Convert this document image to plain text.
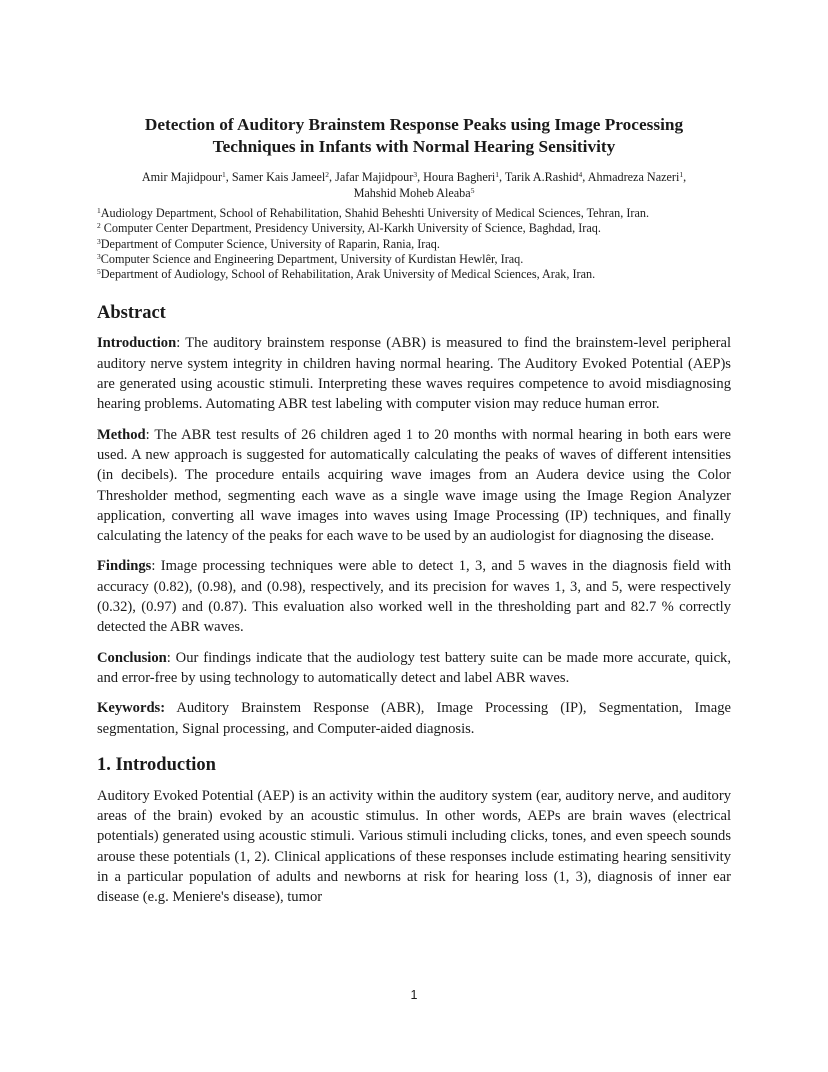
Detection of Auditory Brainstem Response Peaks using Image Processing
Techniques in Infants with Normal Hearing Sensitivity
Amir Majidpour$^1$, Samer Kais Jameel$^2$, Jafar Majidpour$^3$, Houra Bagheri$^1$, Tarik A.Rashid$^4$, Ahmadreza Nazeri$^1$,
Mahshid Moheb Aleaba$^5$
$^1$Audiology Department, School of Rehabilitation, Shahid Beheshti University of Medical Sciences, Tehran, Iran.
$^2$ Computer Center Department, Presidency University, Al-Karkh University of Science, Baghdad, Iraq.
$^3$Department of Computer Science, University of Raparin, Rania, Iraq.
$^3$Computer Science and Engineering Department, University of Kurdistan Hewlêr, Iraq.
$^5$Department of Audiology, School of Rehabilitation, Arak University of Medical Sciences, Arak, Iran.
Abstract

Introduction: The auditory brainstem response (ABR) is measured to find the brainstem-level peripheral auditory nerve system integrity in children having normal hearing. The Auditory Evoked Potential (AEP)s are generated using acoustic stimuli. Interpreting these waves requires competence to avoid misdiagnosing hearing problems. Automating ABR test labeling with computer vision may reduce human error.

Method: The ABR test results of 26 children aged 1 to 20 months with normal hearing in both ears were used. A new approach is suggested for automatically calculating the peaks of waves of different intensities (in decibels). The procedure entails acquiring wave images from an Audera device using the Color Thresholder method, segmenting each wave as a single wave image using the Image Region Analyzer application, converting all wave images into waves using Image Processing (IP) techniques, and finally calculating the latency of the peaks for each wave to be used by an audiologist for diagnosing the disease.

Findings: Image processing techniques were able to detect 1, 3, and 5 waves in the diagnosis field with accuracy (0.82), (0.98), and (0.98), respectively, and its precision for waves 1, 3, and 5, were respectively (0.32), (0.97) and (0.87). This evaluation also worked well in the thresholding part and 82.7 % correctly detected the ABR waves.

Conclusion: Our findings indicate that the audiology test battery suite can be made more accurate, quick, and error-free by using technology to automatically detect and label ABR waves.

Keywords: Auditory Brainstem Response (ABR), Image Processing (IP), Segmentation, Image segmentation, Signal processing, and Computer-aided diagnosis.

1. Introduction

Auditory Evoked Potential (AEP) is an activity within the auditory system (ear, auditory nerve, and auditory areas of the brain) evoked by an acoustic stimulus. In other words, AEPs are brain waves (electrical potentials) generated using acoustic stimuli. Various stimuli including clicks, tones, and even speech sounds arouse these potentials (1, 2). Clinical applications of these responses include estimating hearing sensitivity in a particular population of adults and newborns at risk for hearing loss (1, 3), diagnosis of inner ear disease (e.g. Meniere's disease), tumor

1
